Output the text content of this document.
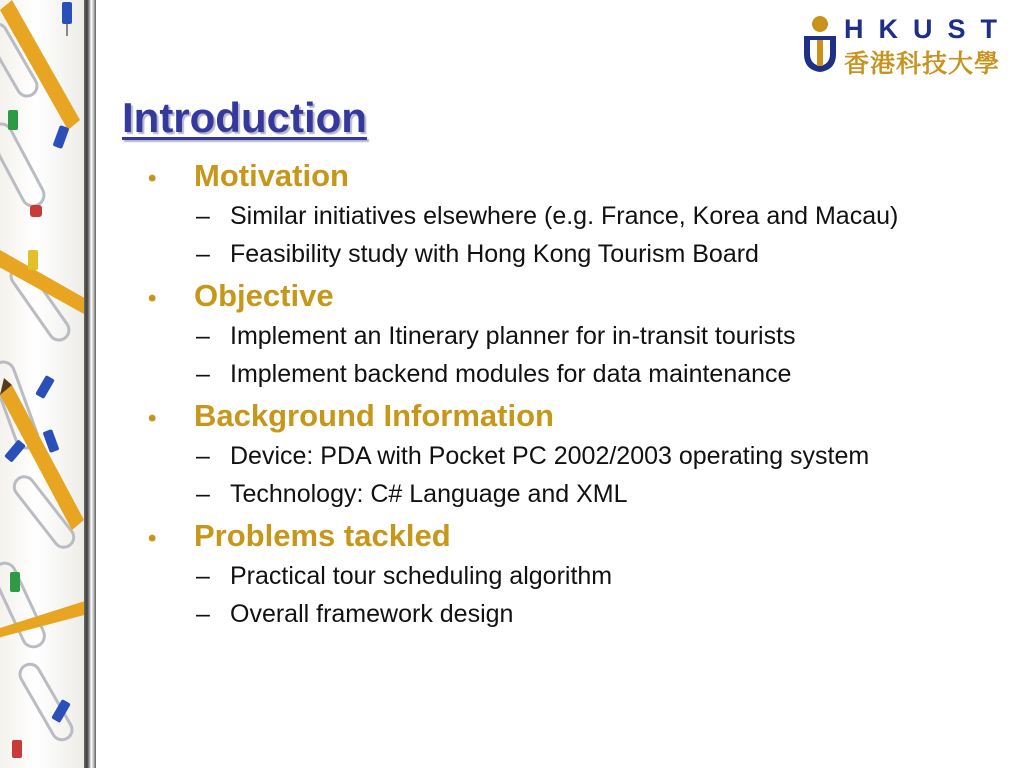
HKUST
香港科技大學
Introduction
•	Motivation
– Similar initiatives elsewhere (e.g. France, Korea and Macau)
– Feasibility study with Hong Kong Tourism Board
•	Objective
– Implement an Itinerary planner for in-transit tourists
– Implement backend modules for data maintenance
•	Background Information
– Device: PDA with Pocket PC 2002/2003 operating system
– Technology: C# Language and XML
•	Problems tackled
– Practical tour scheduling algorithm
– Overall framework design
